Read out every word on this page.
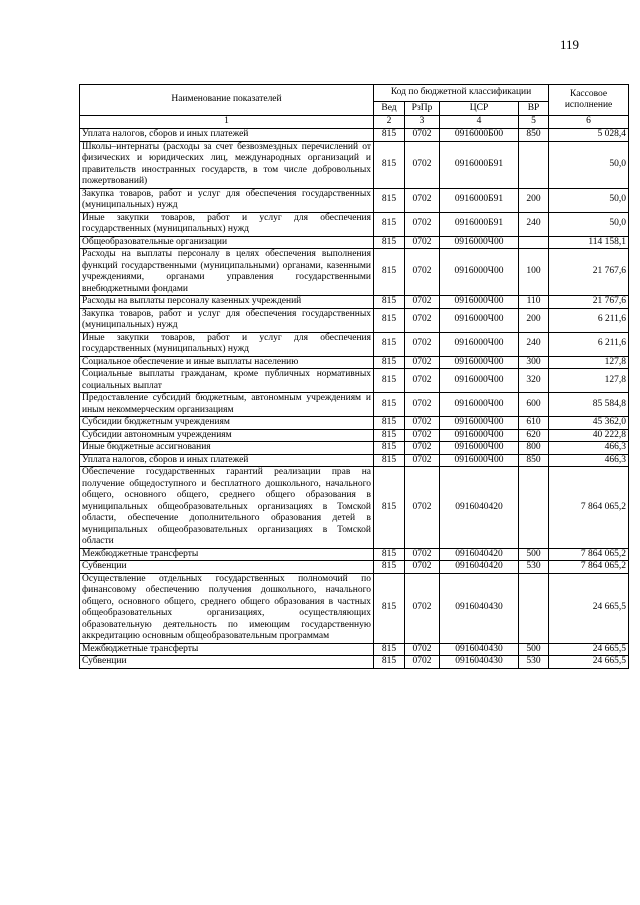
119
Наименование показателей	Код по бюджетной классификации				Кассовое исполнение
	Вед	РзПр	ЦСР	ВР	
1	2	3	4	5	6
Уплата налогов, сборов и иных платежей	815	0702	0916000Б00	850	5 028,4
Школы–интернаты (расходы за счет безвозмездных перечислений от физических и юридических лиц, международных организаций и правительств иностранных государств, в том числе добровольных пожертвований)	815	0702	0916000Б91		50,0
Закупка товаров, работ и услуг для обеспечения государственных (муниципальных) нужд	815	0702	0916000Б91	200	50,0
Иные закупки товаров, работ и услуг для обеспечения государственных (муниципальных) нужд	815	0702	0916000Б91	240	50,0
Общеобразовательные организации	815	0702	0916000Ч00		114 158,1
Расходы на выплаты персоналу в целях обеспечения выполнения функций государственными (муниципальными) органами, казенными учреждениями, органами управления государственными внебюджетными фондами	815	0702	0916000Ч00	100	21 767,6
Расходы на выплаты персоналу казенных учреждений	815	0702	0916000Ч00	110	21 767,6
Закупка товаров, работ и услуг для обеспечения государственных (муниципальных) нужд	815	0702	0916000Ч00	200	6 211,6
Иные закупки товаров, работ и услуг для обеспечения государственных (муниципальных) нужд	815	0702	0916000Ч00	240	6 211,6
Социальное обеспечение и иные выплаты населению	815	0702	0916000Ч00	300	127,8
Социальные выплаты гражданам, кроме публичных нормативных социальных выплат	815	0702	0916000Ч00	320	127,8
Предоставление субсидий бюджетным, автономным учреждениям и иным некоммерческим организациям	815	0702	0916000Ч00	600	85 584,8
Субсидии бюджетным учреждениям	815	0702	0916000Ч00	610	45 362,0
Субсидии автономным учреждениям	815	0702	0916000Ч00	620	40 222,8
Иные бюджетные ассигнования	815	0702	0916000Ч00	800	466,3
Уплата налогов, сборов и иных платежей	815	0702	0916000Ч00	850	466,3
Обеспечение государственных гарантий реализации прав на получение общедоступного и бесплатного дошкольного, начального общего, основного общего, среднего общего образования в муниципальных общеобразовательных организациях в Томской области, обеспечение дополнительного образования детей в муниципальных общеобразовательных организациях в Томской области	815	0702	0916040420		7 864 065,2
Межбюджетные трансферты	815	0702	0916040420	500	7 864 065,2
Субвенции	815	0702	0916040420	530	7 864 065,2
Осуществление отдельных государственных полномочий по финансовому обеспечению получения дошкольного, начального общего, основного общего, среднего общего образования в частных общеобразовательных организациях, осуществляющих образовательную деятельность по имеющим государственную аккредитацию основным общеобразовательным программам	815	0702	0916040430		24 665,5
Межбюджетные трансферты	815	0702	0916040430	500	24 665,5
Субвенции	815	0702	0916040430	530	24 665,5
